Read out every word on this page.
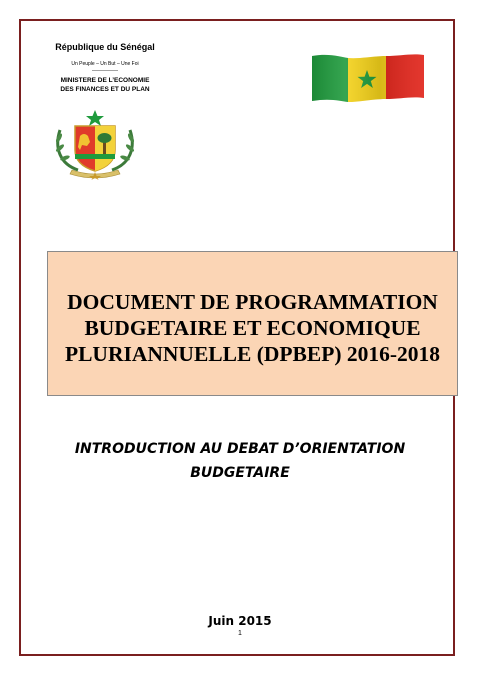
République du Sénégal
Un Peuple – Un But – Une Foi
-------------
MINISTERE DE L’ECONOMIE
DES FINANCES ET DU PLAN
DOCUMENT DE PROGRAMMATION
BUDGETAIRE ET ECONOMIQUE
PLURIANNUELLE (DPBEP) 2016-2018
INTRODUCTION AU DEBAT D’ORIENTATION
BUDGETAIRE
Juin 2015
1
